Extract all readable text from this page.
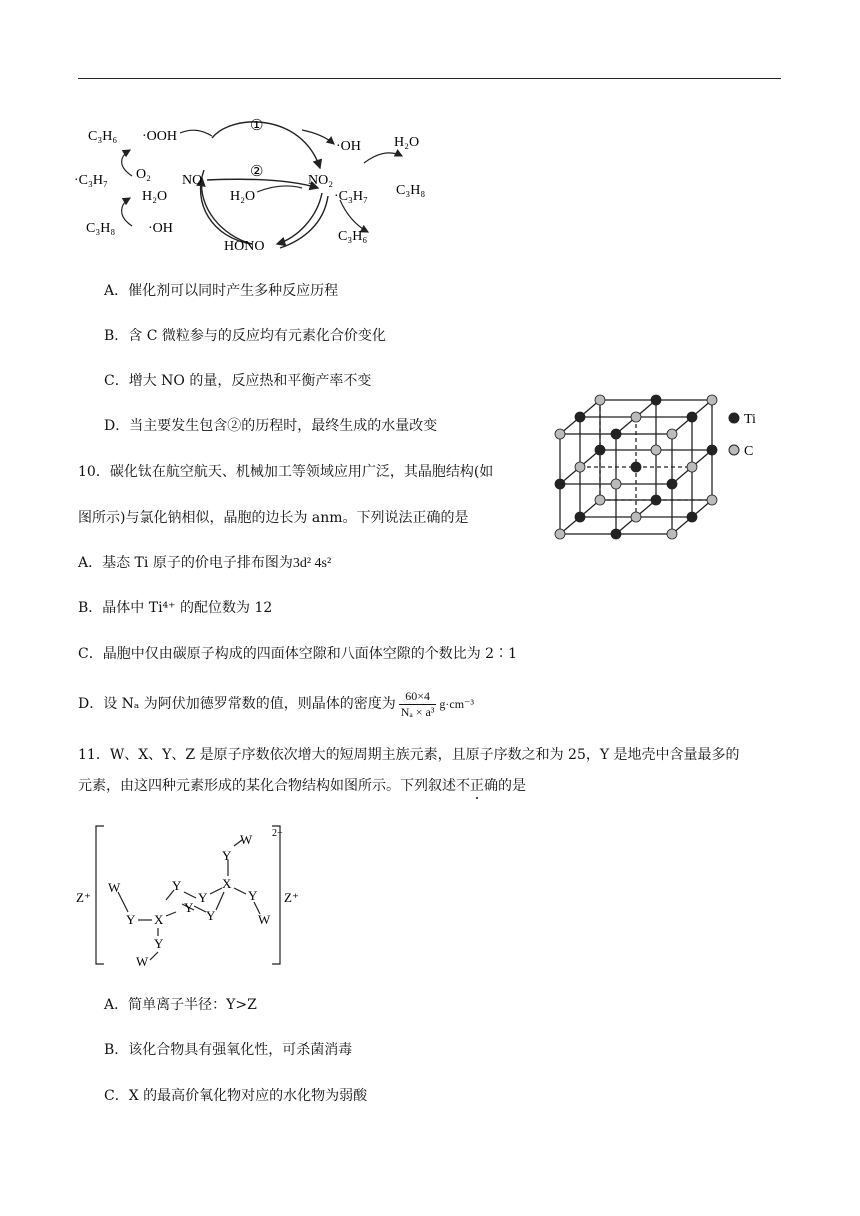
C₃H₆ ·OOH
O₂
·C₃H₇
H₂O
C₃H₈ ·OH
NO
①
②
H₂O
NO₂
HONO
·OH H₂O
C₃H₈
·C₃H₇
C₃H₆
A．催化剂可以同时产生多种反应历程
B．含 C 微粒参与的反应均有元素化合价变化
C．增大 NO 的量，反应热和平衡产率不变
D．当主要发生包含②的历程时，最终生成的水量改变	Ti
C
10．碳化钛在航空航天、机械加工等领域应用广泛，其晶胞结构(如
图所示)与氯化钠相似，晶胞的边长为 anm。下列说法正确的是
A．基态 Ti 原子的价电子排布图为3d² 4s²
B．晶体中 Ti⁴⁺ 的配位数为 12
C．晶胞中仅由碳原子构成的四面体空隙和八面体空隙的个数比为 2∶1
D．设 Nₐ 为阿伏加德罗常数的值，则晶体的密度为 $\frac{60\times 4}{\text{Nₐ × a³}} g\cdot cm^{-3}$
11．W、X、Y、Z 是原子序数依次增大的短周期主族元素，且原子序数之和为 25，Y 是地壳中含量最多的
元素，由这四种元素形成的某化合物结构如图所示。下列叙述不正确的是
2−
Z⁺	Z⁺
W
Y
X
Y
W
Y
Y
Y
Y
X
W
Y
Y
W
A．简单离子半径：Y>Z
B．该化合物具有强氧化性，可杀菌消毒
C．X 的最高价氧化物对应的水化物为弱酸
